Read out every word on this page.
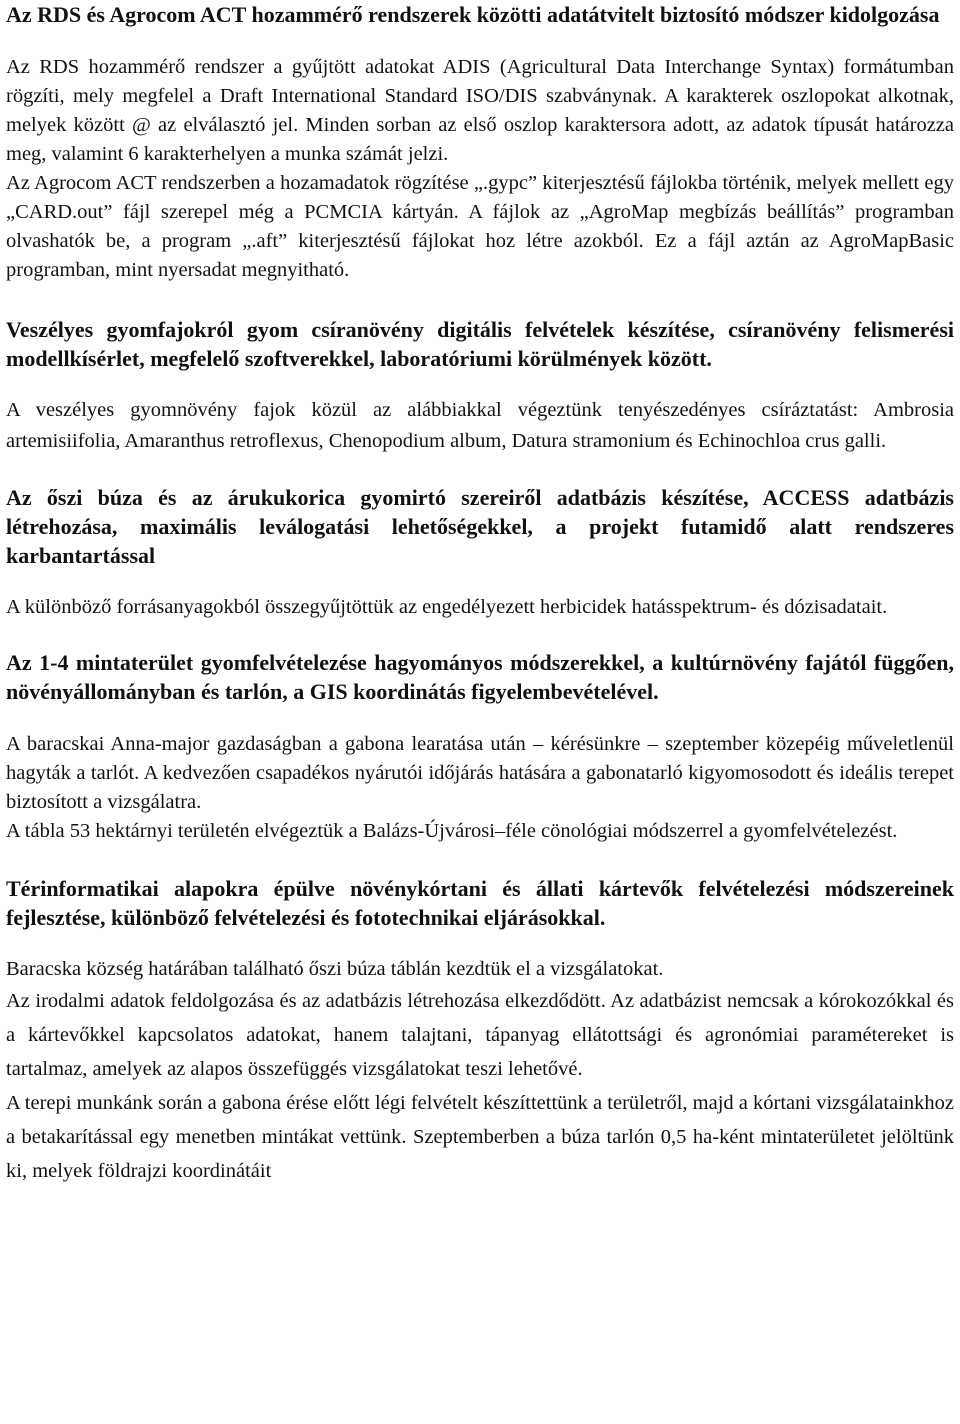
Az RDS és Agrocom ACT hozammérő rendszerek közötti adatátvitelt biztosító módszer kidolgozása

Az RDS hozammérő rendszer a gyűjtött adatokat ADIS (Agricultural Data Interchange Syntax) formátumban rögzíti, mely megfelel a Draft International Standard ISO/DIS szabványnak. A karakterek oszlopokat alkotnak, melyek között @ az elválasztó jel. Minden sorban az első oszlop karaktersora adott, az adatok típusát határozza meg, valamint 6 karakterhelyen a munka számát jelzi.

Az Agrocom ACT rendszerben a hozamadatok rögzítése „.gypc” kiterjesztésű fájlokba történik, melyek mellett egy „CARD.out” fájl szerepel még a PCMCIA kártyán. A fájlok az „AgroMap megbízás beállítás” programban olvashatók be, a program „.aft” kiterjesztésű fájlokat hoz létre azokból. Ez a fájl aztán az AgroMapBasic programban, mint nyersadat megnyitható.

Veszélyes gyomfajokról gyom csíranövény digitális felvételek készítése, csíranövény felismerési modellkísérlet, megfelelő szoftverekkel, laboratóriumi körülmények között.

A veszélyes gyomnövény fajok közül az alábbiakkal végeztünk tenyészedényes csíráztatást: Ambrosia artemisiifolia, Amaranthus retroflexus, Chenopodium album, Datura stramonium és Echinochloa crus galli.

Az őszi búza és az árukukorica gyomirtó szereiről adatbázis készítése, ACCESS adatbázis létrehozása, maximális leválogatási lehetőségekkel, a projekt futamidő alatt rendszeres karbantartással

A különböző forrásanyagokból összegyűjtöttük az engedélyezett herbicidek hatásspektrum- és dózisadatait.

Az 1-4 mintaterület gyomfelvételezése hagyományos módszerekkel, a kultúrnövény fajától függően, növényállományban és tarlón, a GIS koordinátás figyelembevételével.

A baracskai Anna-major gazdaságban a gabona learatása után – kérésünkre – szeptember közepéig műveletlenül hagyták a tarlót. A kedvezően csapadékos nyárutói időjárás hatására a gabonatarló kigyomosodott és ideális terepet biztosított a vizsgálatra.

A tábla 53 hektárnyi területén elvégeztük a Balázs-Újvárosi–féle cönológiai módszerrel a gyomfelvételezést.

Térinformatikai alapokra épülve növénykórtani és állati kártevők felvételezési módszereinek fejlesztése, különböző felvételezési és fototechnikai eljárásokkal.

Baracska község határában található őszi búza táblán kezdtük el a vizsgálatokat.

Az irodalmi adatok feldolgozása és az adatbázis létrehozása elkezdődött. Az adatbázist nemcsak a kórokozókkal és a kártevőkkel kapcsolatos adatokat, hanem talajtani, tápanyag ellátottsági és agronómiai paramétereket is tartalmaz, amelyek az alapos összefüggés vizsgálatokat teszi lehetővé.

A terepi munkánk során a gabona érése előtt légi felvételt készíttettünk a területről, majd a kórtani vizsgálatainkhoz a betakarítással egy menetben mintákat vettünk. Szeptemberben a búza tarlón 0,5 ha-ként mintaterületet jelöltünk ki, melyek földrajzi koordinátáit
